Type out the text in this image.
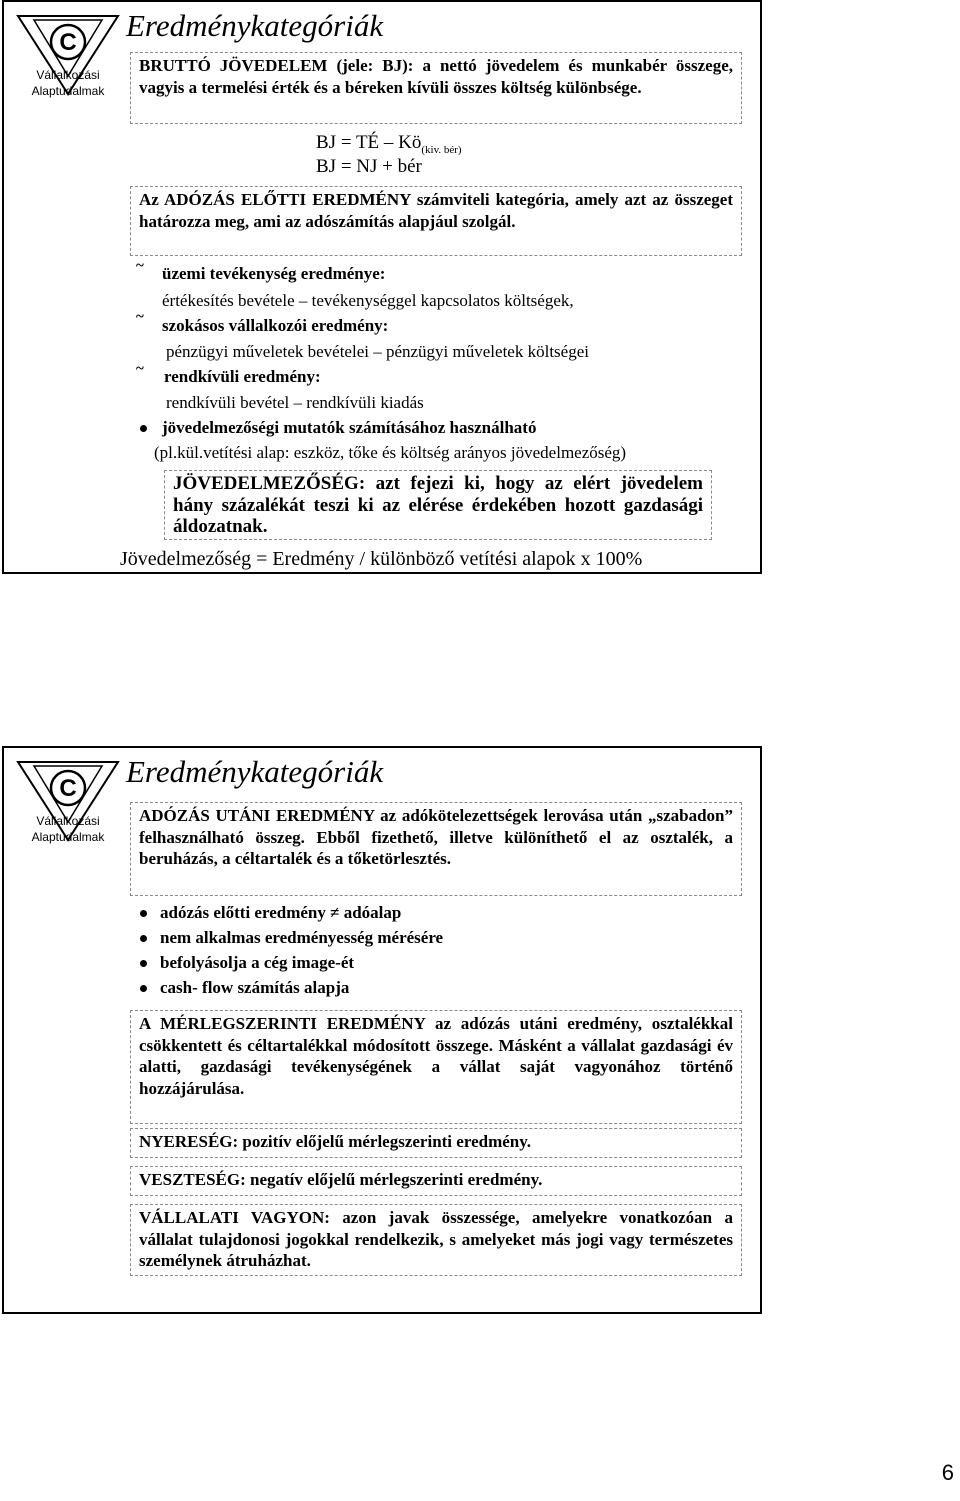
C
Vállalkozási
Alaptudalmak
Eredménykategóriák
BRUTTÓ JÖVEDELEM (jele: BJ): a nettó jövedelem és munkabér összege, vagyis a termelési érték és a béreken kívüli összes költség különbsége.
BJ = TÉ – $Kö_{(kiv. bér)}$
BJ = NJ + bér
Az ADÓZÁS ELŐTTI EREDMÉNY számviteli kategória, amely azt az összeget határozza meg, ami az adószámítás alapjául szolgál.
~ üzemi tevékenység eredménye:
értékesítés bevétele – tevékenységgel kapcsolatos költségek,
~ szokásos vállalkozói eredmény:
pénzügyi műveletek bevételei – pénzügyi műveletek költségei
~ rendkívüli eredmény:
rendkívüli bevétel – rendkívüli kiadás
jövedelmezőségi mutatók számításához használható
(pl.kül.vetítési alap: eszköz, tőke és költség arányos jövedelmezőség)
JÖVEDELMEZŐSÉG: azt fejezi ki, hogy az elért jövedelem hány százalékát teszi ki az elérése érdekében hozott gazdasági áldozatnak.
Jövedelmezőség = Eredmény / különböző vetítési alapok x 100%
C
Vállalkozási
Alaptudalmak
Eredménykategóriák
ADÓZÁS UTÁNI EREDMÉNY az adókötelezettségek lerovása után „szabadon” felhasználható összeg. Ebből fizethető, illetve különíthető el az osztalék, a beruházás, a céltartalék és a tőketörlesztés.
adózás előtti eredmény ≠ adóalap
nem alkalmas eredményesség mérésére
befolyásolja a cég image-ét
cash- flow számítás alapja
A MÉRLEGSZERINTI EREDMÉNY az adózás utáni eredmény, osztalékkal csökkentett és céltartalékkal módosított összege. Másként a vállalat gazdasági év alatti, gazdasági tevékenységének a vállat saját vagyonához történő hozzájárulása.
NYERESÉG: pozitív előjelű mérlegszerinti eredmény.
VESZTESÉG: negatív előjelű mérlegszerinti eredmény.
VÁLLALATI VAGYON: azon javak összessége, amelyekre vonatkozóan a vállalat tulajdonosi jogokkal rendelkezik, s amelyeket más jogi vagy természetes személynek átruházhat.
6
